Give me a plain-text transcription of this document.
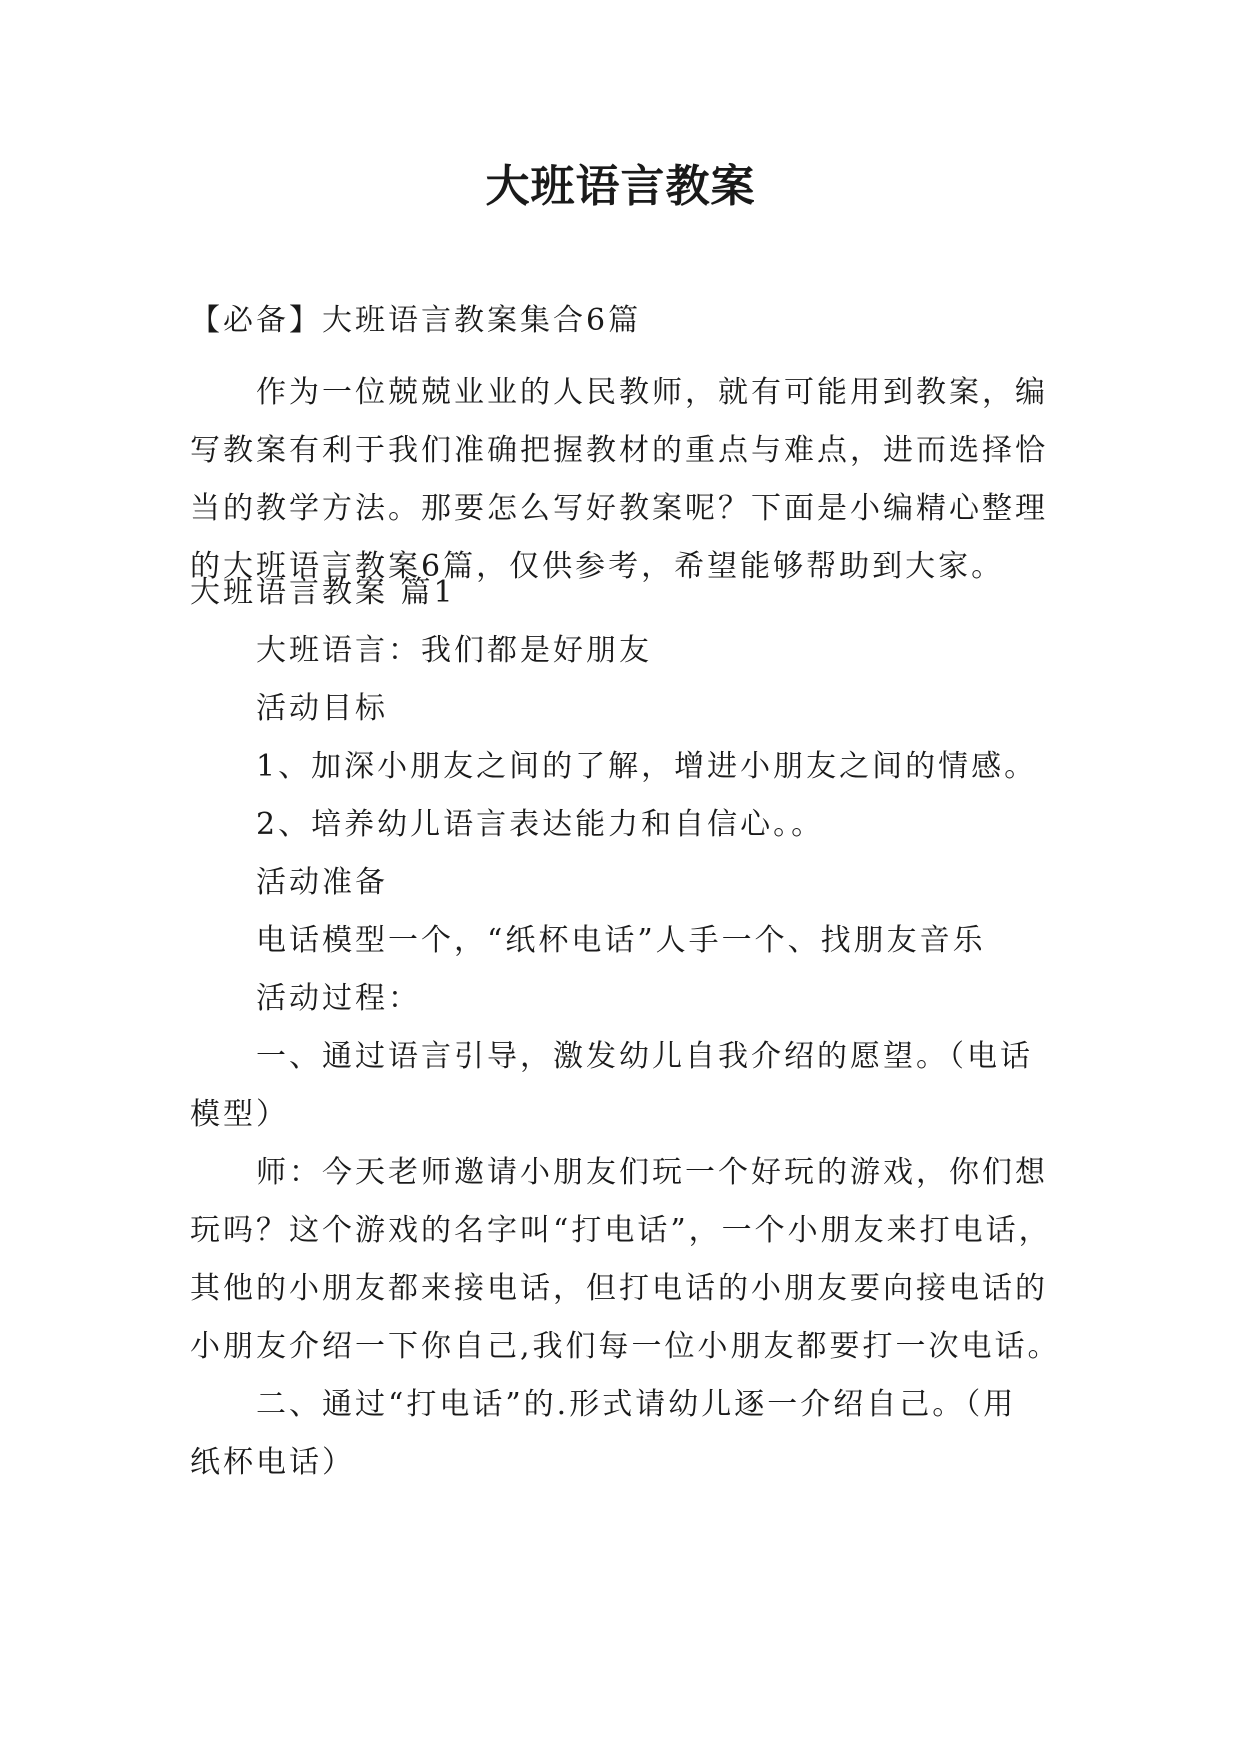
大班语言教案

【必备】大班语言教案集合6篇

作为一位兢兢业业的人民教师，就有可能用到教案，编
写教案有利于我们准确把握教材的重点与难点，进而选择恰
当的教学方法。那要怎么写好教案呢？下面是小编精心整理
的大班语言教案6篇，仅供参考，希望能够帮助到大家。
大班语言教案 篇1
大班语言：我们都是好朋友
活动目标
1、加深小朋友之间的了解，增进小朋友之间的情感。
2、培养幼儿语言表达能力和自信心。。
活动准备
电话模型一个，“纸杯电话”人手一个、找朋友音乐
活动过程：
一、通过语言引导，激发幼儿自我介绍的愿望。（电话
模型）
师：今天老师邀请小朋友们玩一个好玩的游戏，你们想
玩吗？这个游戏的名字叫“打电话”，一个小朋友来打电话，
其他的小朋友都来接电话，但打电话的小朋友要向接电话的
小朋友介绍一下你自己,我们每一位小朋友都要打一次电话。
二、通过“打电话”的.形式请幼儿逐一介绍自己。（用
纸杯电话）
